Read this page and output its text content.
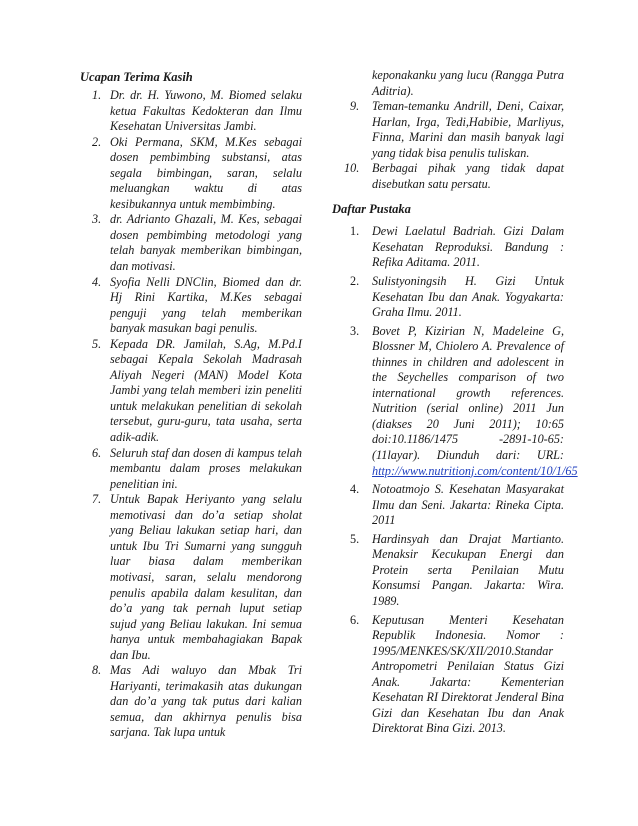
Ucapan Terima Kasih
1. Dr. dr. H. Yuwono, M. Biomed selaku ketua Fakultas Kedokteran dan Ilmu Kesehatan Universitas Jambi.
2. Oki Permana, SKM, M.Kes sebagai dosen pembimbing substansi, atas segala bimbingan, saran, selalu meluangkan waktu di atas kesibukannya untuk membimbing.
3. dr. Adrianto Ghazali, M. Kes, sebagai dosen pembimbing metodologi yang telah banyak memberikan bimbingan, dan motivasi.
4. Syofia Nelli DNClin, Biomed dan dr. Hj Rini Kartika, M.Kes sebagai penguji yang telah memberikan banyak masukan bagi penulis.
5. Kepada DR. Jamilah, S.Ag, M.Pd.I sebagai Kepala Sekolah Madrasah Aliyah Negeri (MAN) Model Kota Jambi yang telah memberi izin peneliti untuk melakukan penelitian di sekolah tersebut, guru-guru, tata usaha, serta adik-adik.
6. Seluruh staf dan dosen di kampus telah membantu dalam proses melakukan penelitian ini.
7. Untuk Bapak Heriyanto yang selalu memotivasi dan do’a setiap sholat yang Beliau lakukan setiap hari, dan untuk Ibu Tri Sumarni yang sungguh luar biasa dalam memberikan motivasi, saran, selalu mendorong penulis apabila dalam kesulitan, dan do’a yang tak pernah luput setiap sujud yang Beliau lakukan. Ini semua hanya untuk membahagiakan Bapak dan Ibu.
8. Mas Adi waluyo dan Mbak Tri Hariyanti, terimakasih atas dukungan dan do’a yang tak putus dari kalian semua, dan akhirnya penulis bisa sarjana. Tak lupa untuk
keponakanku yang lucu (Rangga Putra Aditria).
9. Teman-temanku Andrill, Deni, Caixar, Harlan, Irga, Tedi,Habibie, Marliyus, Finna, Marini dan masih banyak lagi yang tidak bisa penulis tuliskan.
10. Berbagai pihak yang tidak dapat disebutkan satu persatu.
Daftar Pustaka
1. Dewi Laelatul Badriah. Gizi Dalam Kesehatan Reproduksi. Bandung : Refika Aditama. 2011.
2. Sulistyoningsih H. Gizi Untuk Kesehatan Ibu dan Anak. Yogyakarta: Graha Ilmu. 2011.
3. Bovet P, Kizirian N, Madeleine G, Blossner M, Chiolero A. Prevalence of thinnes in children and adolescent in the Seychelles comparison of two international growth references. Nutrition (serial online) 2011 Jun (diakses 20 Juni 2011); 10:65 doi:10.1186/1475 -2891-10-65: (11layar). Diunduh dari: URL: http://www.nutritionj.com/content/10/1/65
4. Notoatmojo S. Kesehatan Masyarakat Ilmu dan Seni. Jakarta: Rineka Cipta. 2011
5. Hardinsyah dan Drajat Martianto. Menaksir Kecukupan Energi dan Protein serta Penilaian Mutu Konsumsi Pangan. Jakarta: Wira. 1989.
6. Keputusan Menteri Kesehatan Republik Indonesia. Nomor : 1995/MENKES/SK/XII/2010.Standar Antropometri Penilaian Status Gizi Anak. Jakarta: Kementerian Kesehatan RI Direktorat Jenderal Bina Gizi dan Kesehatan Ibu dan Anak Direktorat Bina Gizi. 2013.
